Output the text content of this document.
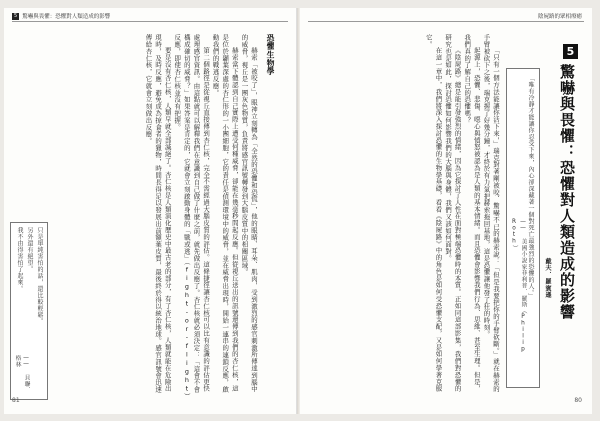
5 驚嚇與畏懼：恐懼對人類造成的影響
恐懼生物學

赫索「被咬了」，眼神立刻轉為「全然的恐懼和恐慌」，他的眼睛、耳朵、肌肉，受到激烈的感官刺激所傳達到腦中的威脅，視丘是一團灰色物質，負責將感官訊號轉發到大腦皮質中的相關區域。

赫索當下體認到自己實際上遭受何種威脅，卻能在幾毫秒間起反應。但從視丘送出的訊號還傳到我們的杏仁核，這是位於顳葉深處的杏仁形的一小團細胞，它的責任是偵測環境中的威脅，並在威脅出現時，開始一連串的連鎖反應，啟動我們的戰逃反應。

第二個路徑是從視丘直接傳到杏仁核，完全不需經過大腦皮質的評估。這條捷徑讓杏仁核可以比有意識的評估更快處理感官資訊。由這點就可以解釋我們在意識到自己做了什麼之前，就先做出反應了。杏仁核就必須決定：「這會不會構成確切的威脅？」如果答案是肯定的，它就會立刻啟動身體的「戰或逃」（fight-or-flight）反應，即使杏仁核並沒有把握。

要是沒有杏仁核，人類早就全部滅絕了。杏仁核是人類演化歷史中最古老的部分，有了杏仁核，人類就能在危險出現時，及時反應，避免成為掠食者的獵物，時間長得足以發展出前額葉皮質，最後終於得以統治地球。感官訊號會迅速傳給杏仁核，它就會立刻做出反應。

只是單純害怕的話，還比較輕鬆。
另外還有絕望。
我不由得害怕了起來。
—— 貝聯．格林
81
陰屍路的眾相療癒
5
驚嚇與畏懼：恐懼對人類造成的影響
戴夫．羅賓遜
「唯有冷靜才能讓你忍受下來，內心卻深藏著一個對死亡最強烈的恐懼的人。」
—— 美國小說家菲利普．羅斯（Philip Roth）

「只有一個方法能讓你活下來，」瑞克對著剛被咬、驚嚇不已的赫索說：「但是我要把你的手臂砍斷。」就在赫索的手臂被砍下之後，瑞克握了好幾分鐘，才終於有力氣把赫索拖回基地，這是恐懼讓他發了狂的時刻。

起源上，恐懼、悲傷、噁心與憤怒被認為是人類的基本情緒。而且恐懼會影響我們行為、思維、甚至生理。但是，我們真的了解自己的恐懼嗎？

《陰屍路》總是能引發強烈的情緒，因為它探討了人性在面對極端恐懼時的本質。正如同這部影集，我們對恐懼的研究也是如此，探討恐懼如何影響我們的大腦與身體，我們又該如何面對。

在這一章中，我們將深入探討恐懼的生物學基礎，看看《陰屍路》中的角色是如何受恐懼支配，又是如何學著克服它。

80
